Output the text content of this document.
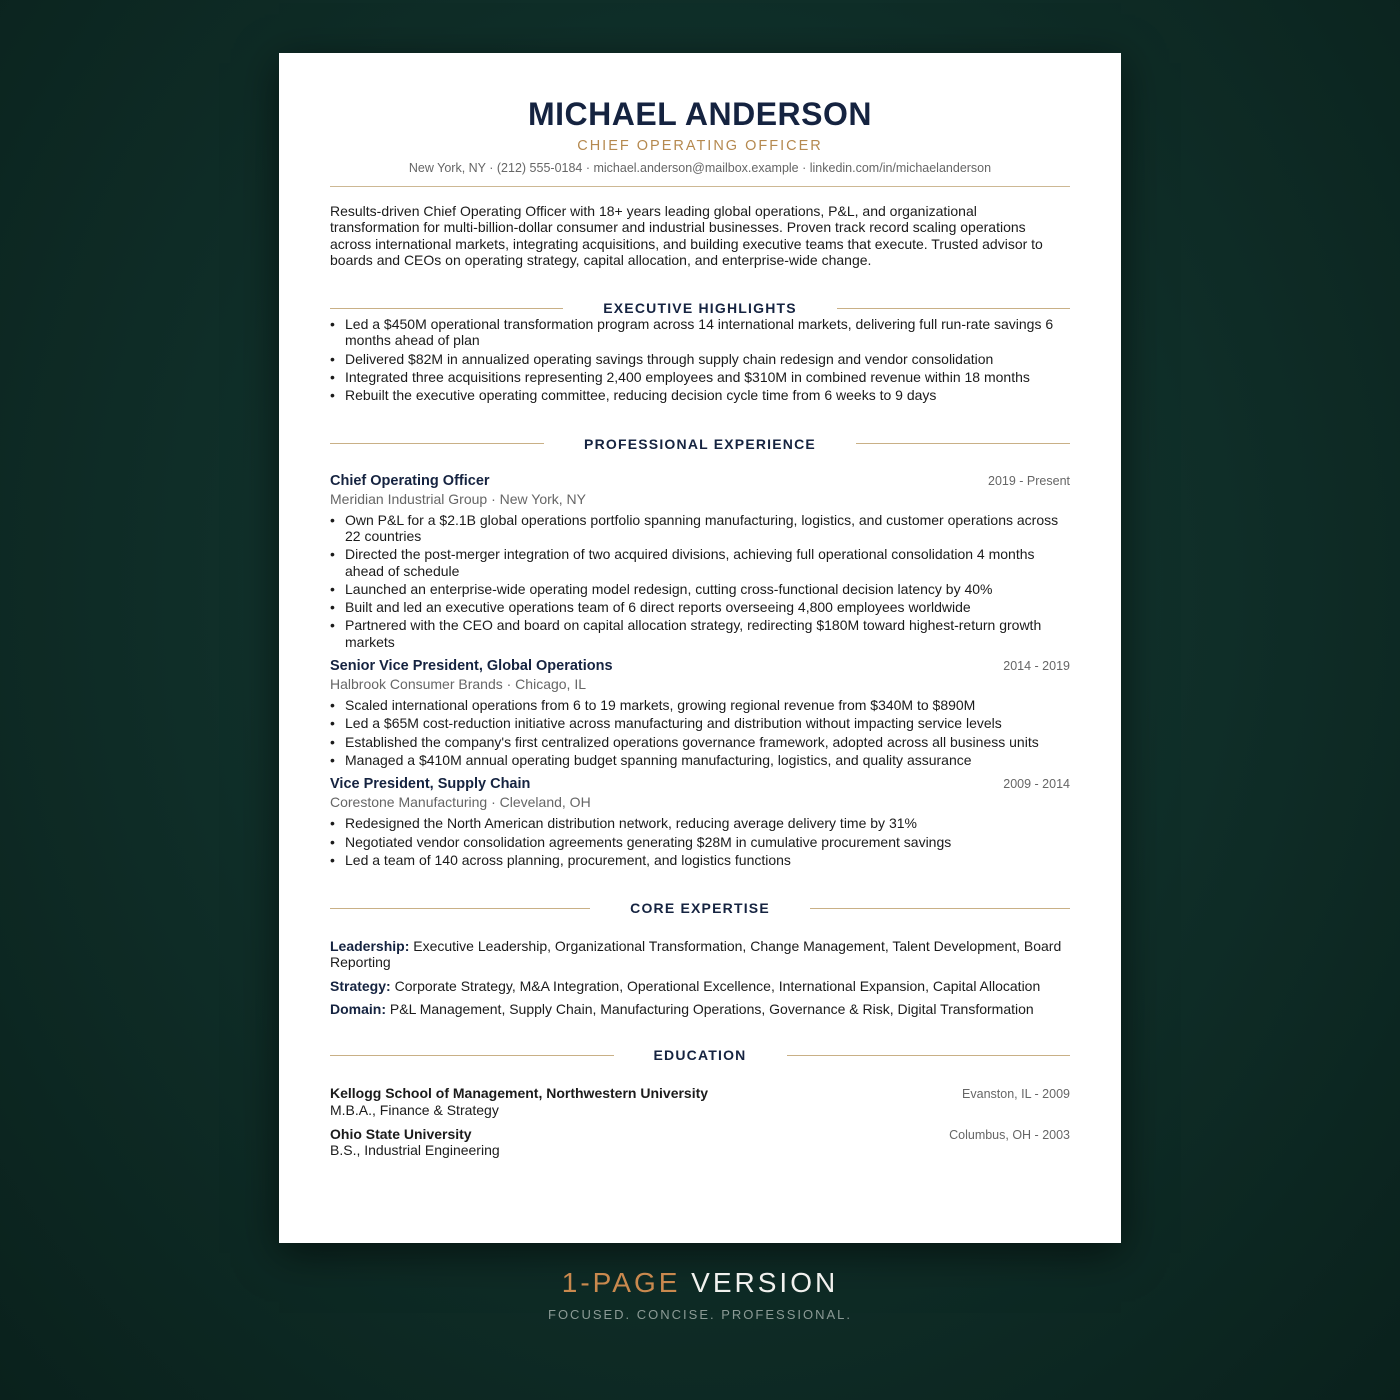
MICHAEL ANDERSON
CHIEF OPERATING OFFICER
New York, NY · (212) 555-0184 · michael.anderson@mailbox.example · linkedin.com/in/michaelanderson
Results-driven Chief Operating Officer with 18+ years leading global operations, P&L, and organizational transformation for multi-billion-dollar consumer and industrial businesses. Proven track record scaling operations across international markets, integrating acquisitions, and building executive teams that execute. Trusted advisor to boards and CEOs on operating strategy, capital allocation, and enterprise-wide change.
EXECUTIVE HIGHLIGHTS
• Led a $450M operational transformation program across 14 international markets, delivering full run-rate savings 6 months ahead of plan
• Delivered $82M in annualized operating savings through supply chain redesign and vendor consolidation
• Integrated three acquisitions representing 2,400 employees and $310M in combined revenue within 18 months
• Rebuilt the executive operating committee, reducing decision cycle time from 6 weeks to 9 days
PROFESSIONAL EXPERIENCE
Chief Operating Officer	2019 - Present
Meridian Industrial Group · New York, NY
• Own P&L for a $2.1B global operations portfolio spanning manufacturing, logistics, and customer operations across 22 countries
• Directed the post-merger integration of two acquired divisions, achieving full operational consolidation 4 months ahead of schedule
• Launched an enterprise-wide operating model redesign, cutting cross-functional decision latency by 40%
• Built and led an executive operations team of 6 direct reports overseeing 4,800 employees worldwide
• Partnered with the CEO and board on capital allocation strategy, redirecting $180M toward highest-return growth markets
Senior Vice President, Global Operations	2014 - 2019
Halbrook Consumer Brands · Chicago, IL
• Scaled international operations from 6 to 19 markets, growing regional revenue from $340M to $890M
• Led a $65M cost-reduction initiative across manufacturing and distribution without impacting service levels
• Established the company's first centralized operations governance framework, adopted across all business units
• Managed a $410M annual operating budget spanning manufacturing, logistics, and quality assurance
Vice President, Supply Chain	2009 - 2014
Corestone Manufacturing · Cleveland, OH
• Redesigned the North American distribution network, reducing average delivery time by 31%
• Negotiated vendor consolidation agreements generating $28M in cumulative procurement savings
• Led a team of 140 across planning, procurement, and logistics functions
CORE EXPERTISE
Leadership: Executive Leadership, Organizational Transformation, Change Management, Talent Development, Board Reporting
Strategy: Corporate Strategy, M&A Integration, Operational Excellence, International Expansion, Capital Allocation
Domain: P&L Management, Supply Chain, Manufacturing Operations, Governance & Risk, Digital Transformation
EDUCATION
Kellogg School of Management, Northwestern University	Evanston, IL - 2009
M.B.A., Finance & Strategy
Ohio State University	Columbus, OH - 2003
B.S., Industrial Engineering
1-PAGE VERSION
FOCUSED. CONCISE. PROFESSIONAL.
